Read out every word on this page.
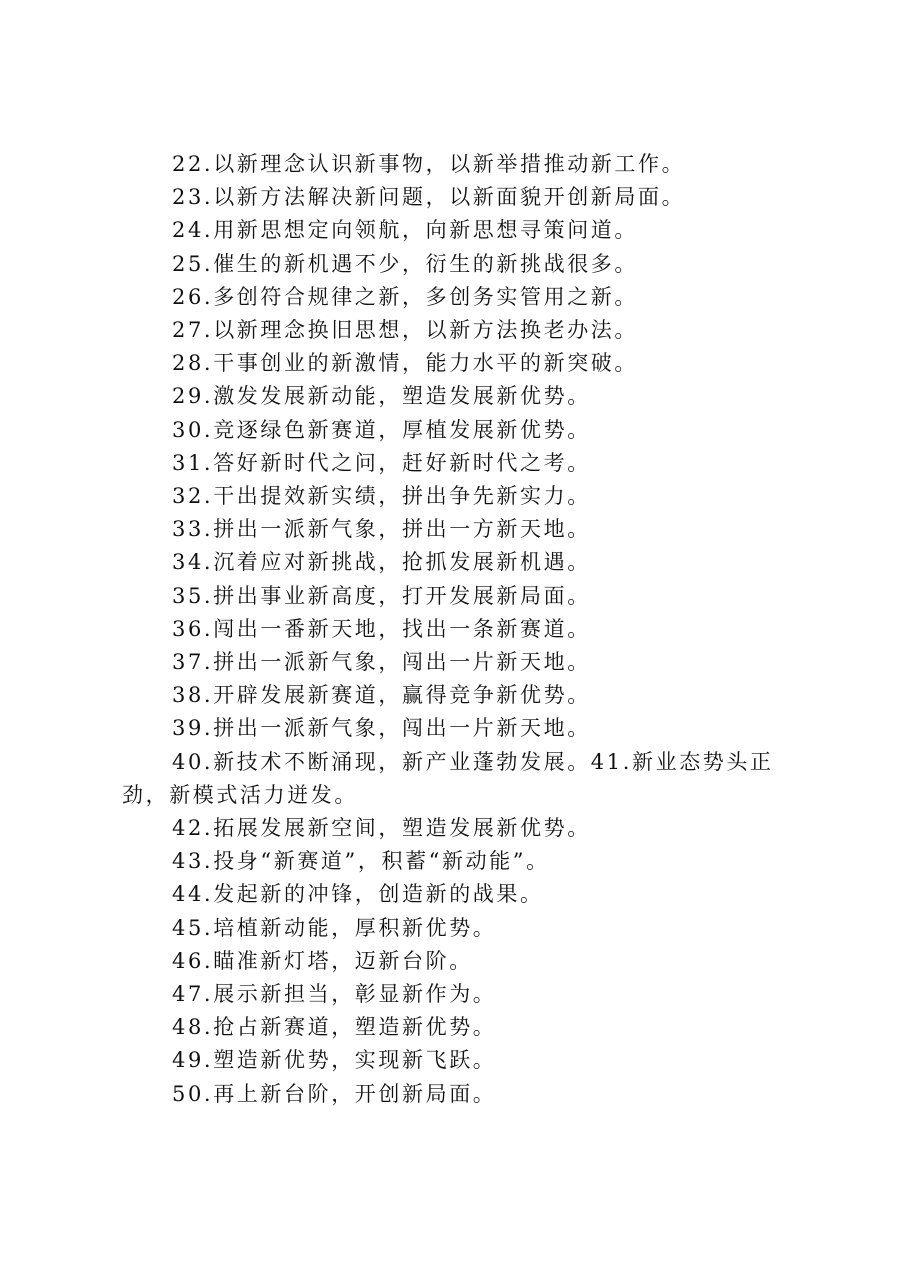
22.以新理念认识新事物，以新举措推动新工作。

23.以新方法解决新问题，以新面貌开创新局面。

24.用新思想定向领航，向新思想寻策问道。

25.催生的新机遇不少，衍生的新挑战很多。

26.多创符合规律之新，多创务实管用之新。

27.以新理念换旧思想，以新方法换老办法。

28.干事创业的新激情，能力水平的新突破。

29.激发发展新动能，塑造发展新优势。

30.竞逐绿色新赛道，厚植发展新优势。

31.答好新时代之问，赶好新时代之考。

32.干出提效新实绩，拼出争先新实力。

33.拼出一派新气象，拼出一方新天地。

34.沉着应对新挑战，抢抓发展新机遇。

35.拼出事业新高度，打开发展新局面。

36.闯出一番新天地，找出一条新赛道。

37.拼出一派新气象，闯出一片新天地。

38.开辟发展新赛道，赢得竞争新优势。

39.拼出一派新气象，闯出一片新天地。

40.新技术不断涌现，新产业蓬勃发展。41.新业态势头正劲，新模式活力迸发。

42.拓展发展新空间，塑造发展新优势。

43.投身“新赛道”，积蓄“新动能”。

44.发起新的冲锋，创造新的战果。

45.培植新动能，厚积新优势。

46.瞄准新灯塔，迈新台阶。

47.展示新担当，彰显新作为。

48.抢占新赛道，塑造新优势。

49.塑造新优势，实现新飞跃。

50.再上新台阶，开创新局面。
